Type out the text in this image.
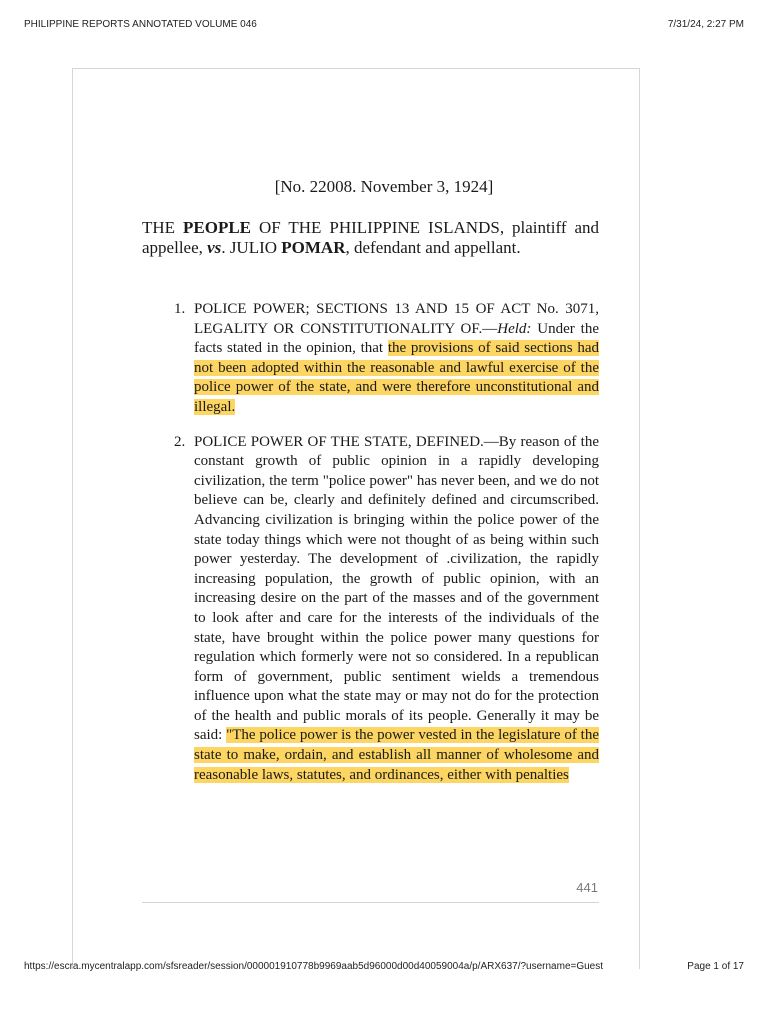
PHILIPPINE REPORTS ANNOTATED VOLUME 046	7/31/24, 2:27 PM
[No. 22008. November 3, 1924]
THE PEOPLE OF THE PHILIPPINE ISLANDS, plaintiff and appellee, vs. JULIO POMAR, defendant and appellant.
1. POLICE POWER; SECTIONS 13 AND 15 OF ACT No. 3071, LEGALITY OR CONSTITUTIONALITY OF.—Held: Under the facts stated in the opinion, that the provisions of said sections had not been adopted within the reasonable and lawful exercise of the police power of the state, and were therefore unconstitutional and illegal.
2. POLICE POWER OF THE STATE, DEFINED.—By reason of the constant growth of public opinion in a rapidly developing civilization, the term "police power" has never been, and we do not believe can be, clearly and definitely defined and circumscribed. Advancing civilization is bringing within the police power of the state today things which were not thought of as being within such power yesterday. The development of .civilization, the rapidly increasing population, the growth of public opinion, with an increasing desire on the part of the masses and of the government to look after and care for the interests of the individuals of the state, have brought within the police power many questions for regulation which formerly were not so considered. In a republican form of government, public sentiment wields a tremendous influence upon what the state may or may not do for the protection of the health and public morals of its people. Generally it may be said: "The police power is the power vested in the legislature of the state to make, ordain, and establish all manner of wholesome and reasonable laws, statutes, and ordinances, either with penalties
441
https://escra.mycentralapp.com/sfsreader/session/000001910778b9969aab5d96000d00d40059004a/p/ARX637/?username=Guest	Page 1 of 17
